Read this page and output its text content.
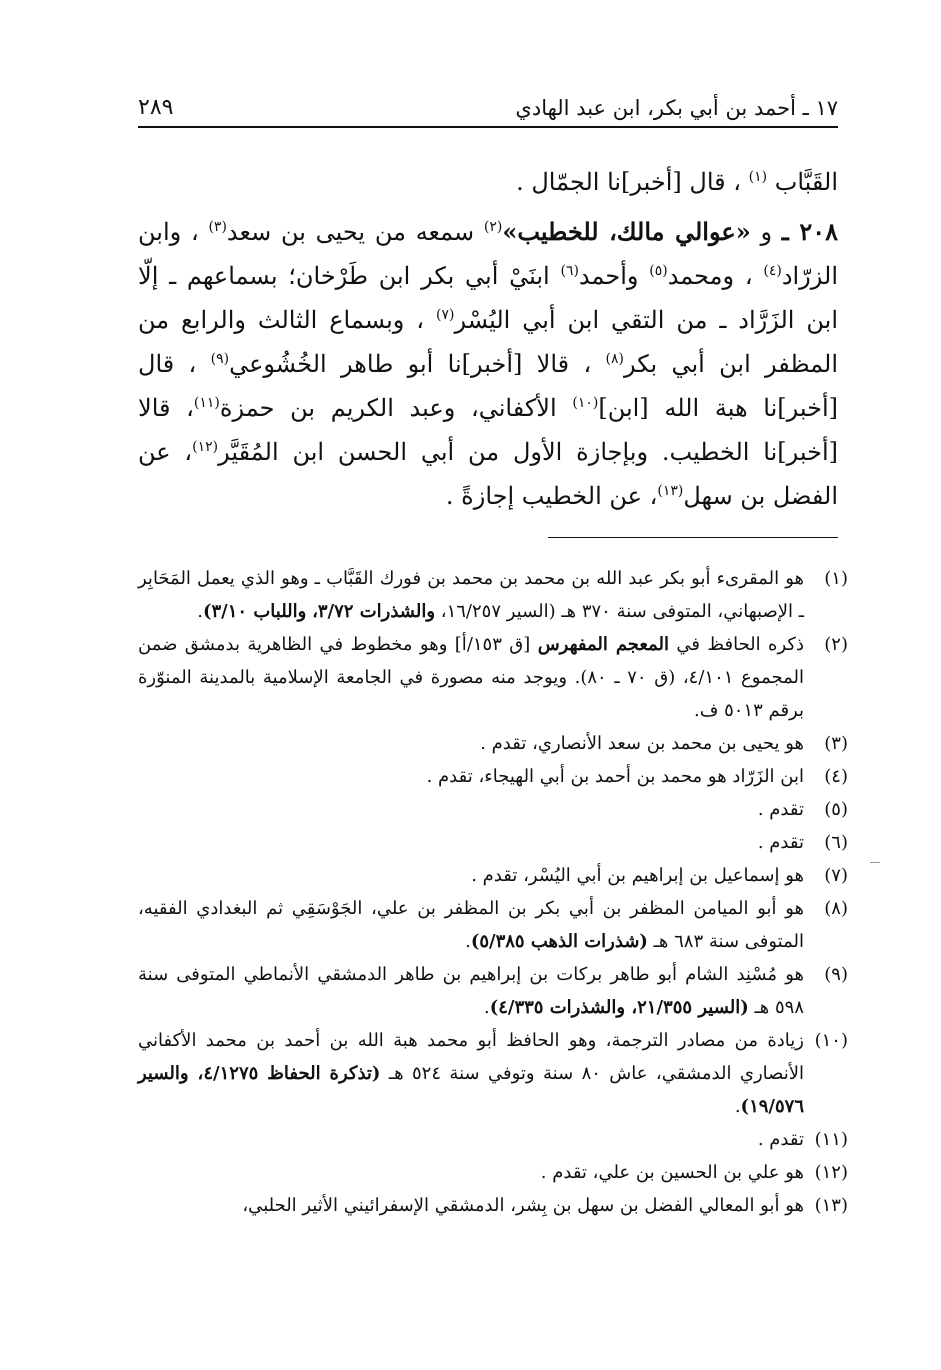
١٧ ـ أحمد بن أبي بكر، ابن عبد الهادي
٢٨٩

القَبَّاب $^{(١)}$ ، قال [أخبر]نا الجمّال .

٢٠٨ ـ و «عوالي مالك، للخطيب»$^{(٢)}$ سمعه من يحيى بن سعد$^{(٣)}$ ، وابن الزرّاد$^{(٤)}$ ، ومحمد$^{(٥)}$ وأحمد$^{(٦)}$ ابنَيْ أبي بكر ابن طَرْخان؛ بسماعهم ـ إلّا ابن الزَرَّاد ـ من التقي ابن أبي اليُسْر$^{(٧)}$ ، وبسماع الثالث والرابع من المظفر ابن أبي بكر$^{(٨)}$ ، قالا [أخبر]نا أبو طاهر الخُشُوعي$^{(٩)}$ ، قال [أخبر]نا هبة الله [ابن]$^{(١٠)}$ الأكفاني، وعبد الكريم بن حمزة$^{(١١)}$، قالا [أخبر]نا الخطيب. وبإجازة الأول من أبي الحسن ابن المُقَيَّر$^{(١٢)}$، عن الفضل بن سهل$^{(١٣)}$، عن الخطيب إجازةً .

(١)
هو المقرىء أبو بكر عبد الله بن محمد بن محمد بن فورك القَبَّاب ـ وهو الذي يعمل المَحَابِر ـ الإصبهاني، المتوفى سنة ٣٧٠ هـ (السير ١٦/٢٥٧، والشذرات ٣/٧٢، واللباب ٣/١٠).
(٢)
ذكره الحافظ في المعجم المفهرس [ق ١٥٣/أ] وهو مخطوط في الظاهرية بدمشق ضمن المجموع ٤/١٠١، (ق ٧٠ ـ ٨٠). ويوجد منه مصورة في الجامعة الإسلامية بالمدينة المنوّرة برقم ٥٠١٣ ف.
(٣)
هو يحيى بن محمد بن سعد الأنصاري، تقدم .
(٤)
ابن الزَرّاد هو محمد بن أحمد بن أبي الهيجاء، تقدم .
(٥)
تقدم .
(٦)
تقدم .
(٧)
هو إسماعيل بن إبراهيم بن أبي اليُسْر، تقدم .
(٨)
هو أبو الميامن المظفر بن أبي بكر بن المظفر بن علي، الجَوْسَقِي ثم البغدادي الفقيه، المتوفى سنة ٦٨٣ هـ (شذرات الذهب ٥/٣٨٥).
(٩)
هو مُسْنِد الشام أبو طاهر بركات بن إبراهيم بن طاهر الدمشقي الأنماطي المتوفى سنة ٥٩٨ هـ (السير ٢١/٣٥٥، والشذرات ٤/٣٣٥).
(١٠)
زيادة من مصادر الترجمة، وهو الحافظ أبو محمد هبة الله بن أحمد بن محمد الأكفاني الأنصاري الدمشقي، عاش ٨٠ سنة وتوفي سنة ٥٢٤ هـ (تذكرة الحفاظ ٤/١٢٧٥، والسير ١٩/٥٧٦).
(١١)
تقدم .
(١٢)
هو علي بن الحسين بن علي، تقدم .
(١٣)
هو أبو المعالي الفضل بن سهل بن بِشر، الدمشقي الإسفرائيني الأثير الحلبي،
